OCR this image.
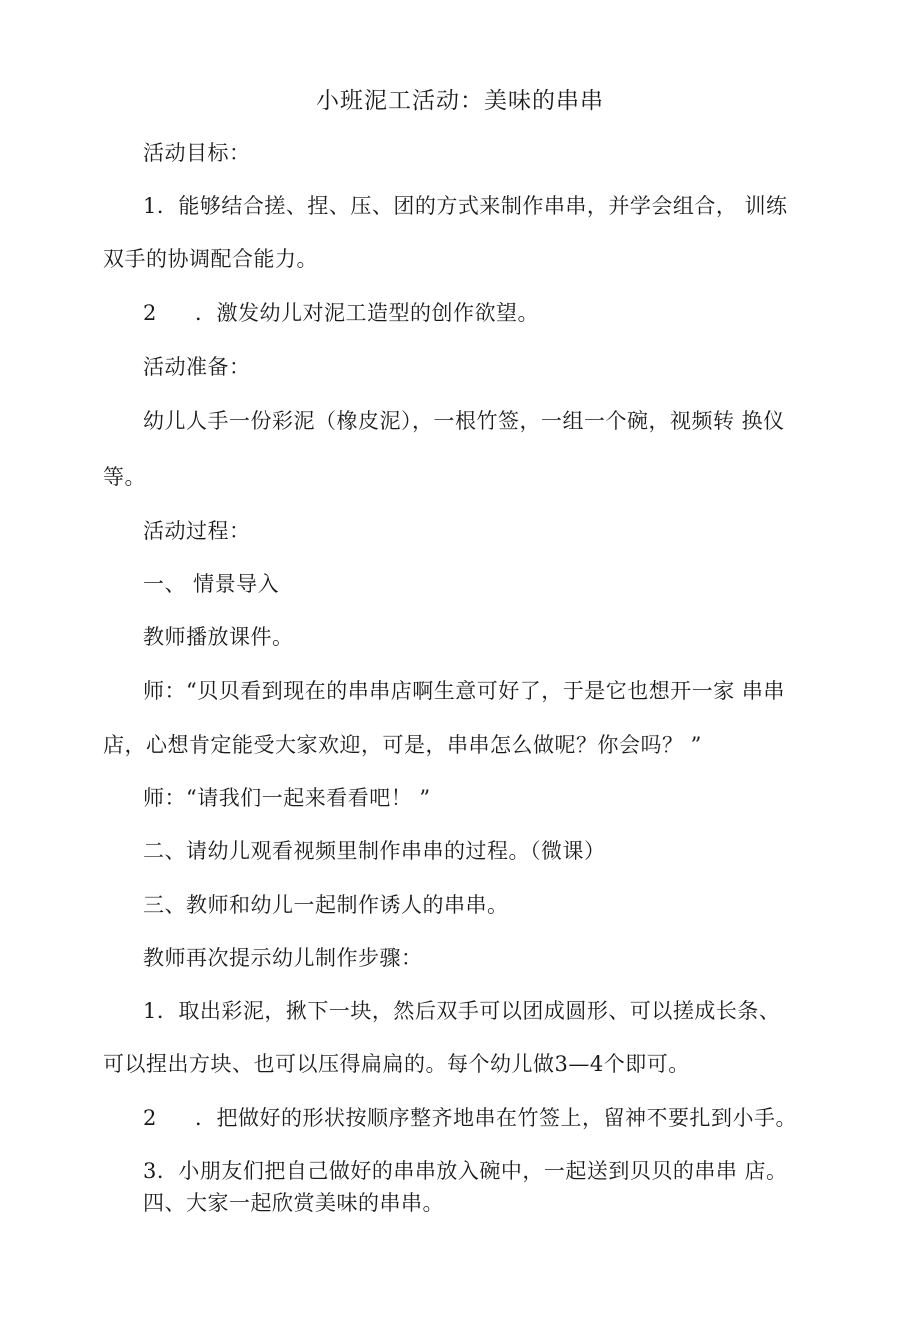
小班泥工活动：美味的串串
活动目标：
1．能够结合搓、捏、压、团的方式来制作串串，并学会组合， 训练
双手的协调配合能力。
2 ．激发幼儿对泥工造型的创作欲望。
活动准备：
幼儿人手一份彩泥（橡皮泥），一根竹签，一组一个碗，视频转 换仪
等。
活动过程：
一、 情景导入
教师播放课件。
师：“贝贝看到现在的串串店啊生意可好了，于是它也想开一家 串串
店，心想肯定能受大家欢迎，可是，串串怎么做呢？你会吗？ ”
师：“请我们一起来看看吧！ ”
二、请幼儿观看视频里制作串串的过程。（微课）
三、教师和幼儿一起制作诱人的串串。
教师再次提示幼儿制作步骤：
1．取出彩泥，揪下一块，然后双手可以团成圆形、可以搓成长条、
可以捏出方块、也可以压得扁扁的。每个幼儿做3—4个即可。
2 ．把做好的形状按顺序整齐地串在竹签上，留神不要扎到小手。
3．小朋友们把自己做好的串串放入碗中，一起送到贝贝的串串 店。
四、大家一起欣赏美味的串串。
